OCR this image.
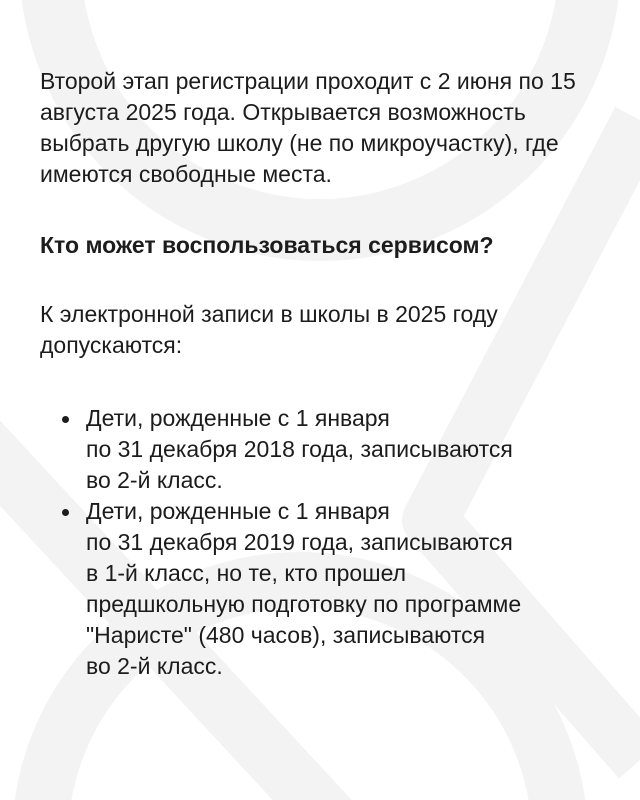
Второй этап регистрации проходит с 2 июня по 15 августа 2025 года. Открывается возможность выбрать другую школу (не по микроучастку), где имеются свободные места.

Кто может воспользоваться сервисом?

К электронной записи в школы в 2025 году допускаются:

Дети, рожденные с 1 января
по 31 декабря 2018 года, записываются
во 2-й класс.
Дети, рожденные с 1 января
по 31 декабря 2019 года, записываются
в 1-й класс, но те, кто прошел
предшкольную подготовку по программе
"Наристе" (480 часов), записываются
во 2-й класс.
